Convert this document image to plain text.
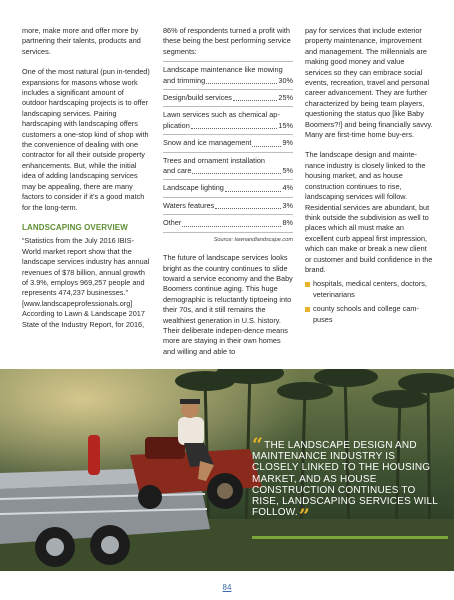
more, make more and offer more by partnering their talents, products and services.

One of the most natural (pun in-tended) expansions for masons whose work includes a significant amount of outdoor hardscaping projects is to offer landscaping services. Pairing hardscaping with landscaping offers customers a one-stop kind of shop with the convenience of dealing with one contractor for all their outside property enhancements. But, while the initial idea of adding landscaping services may be appealing, there are many factors to consider if it’s a good match for the long-term.

LANDSCAPING OVERVIEW

“Statistics from the July 2016 IBIS-World market report show that the landscape services industry has annual revenues of $78 billion, annual growth of 3.9%, employs 969,257 people and represents 474,237 businesses.” [www.landscapeprofessionals.org] According to Lawn & Landscape 2017 State of the Industry Report, for 2016,

86% of respondents turned a profit with these being the best performing service segments:

Landscape maintenance like mowing
and trimming	30%
Design/build services	25%
Lawn services such as chemical ap-
plication	15%
Snow and ice management	9%
Trees and ornament installation
and care	5%
Landscape lighting	4%
Waters features	3%
Other	8%
Source: lawnandlandscape.com

The future of landscape services looks bright as the country continues to slide toward a service economy and the Baby Boomers continue aging. This huge demographic is reluctantly tiptoeing into their 70s, and it still remains the wealthiest generation in U.S. history. Their deliberate indepen-dence means more are staying in their own homes and willing and able to

pay for services that include exterior property maintenance, improvement and management. The millennials are making good money and value services so they can embrace social events, recreation, travel and personal career advancement. They are further characterized by being team players, questioning the status quo [like Baby Boomers?!] and being financially savvy. Many are first-time home buy-ers.

The landscape design and mainte-nance industry is closely linked to the housing market, and as house construction continues to rise, landscaping services will follow. Residential services are abundant, but think outside the subdivision as well to places which all must make an excellent curb appeal first impression, which can make or break a new client or customer and build confidence in the brand.

hospitals, medical centers, doctors, veterinarians
county schools and college cam-puses
“THE LANDSCAPE DESIGN AND MAINTENANCE INDUSTRY IS CLOSELY LINKED TO THE HOUSING MARKET, AND AS HOUSE CONSTRUCTION CONTINUES TO RISE, LANDSCAPING SERVICES WILL FOLLOW.”
84
